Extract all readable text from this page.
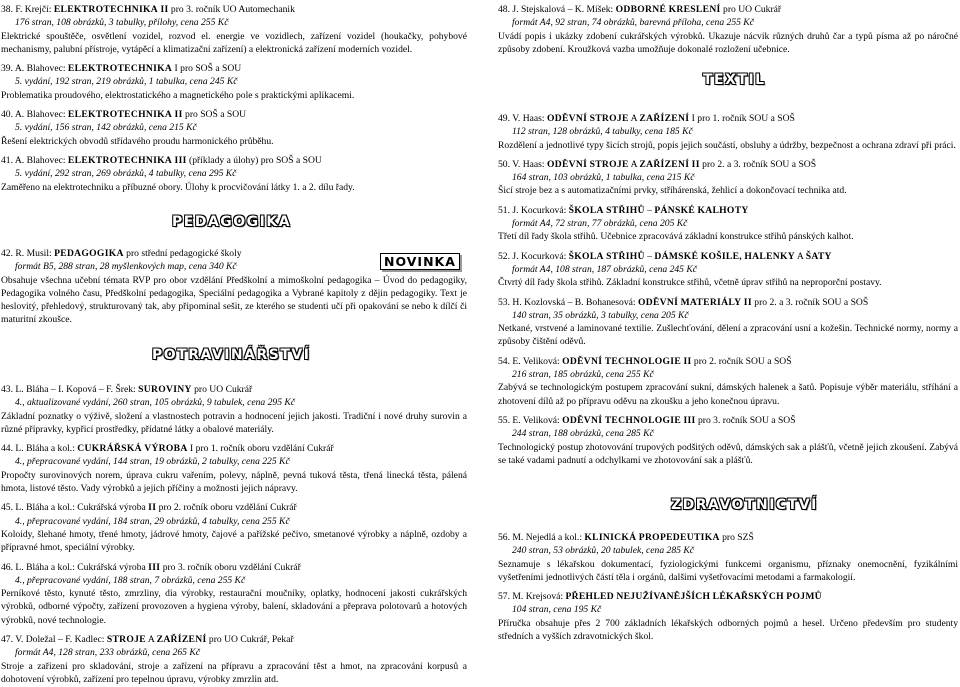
38. F. Krejčí: ELEKTROTECHNIKA II pro 3. ročník UO Automechanik
176 stran, 108 obrázků, 3 tabulky, přílohy, cena 255 Kč
Elektrické spouštěče, osvětlení vozidel, rozvod el. energie ve vozidlech, zařízení vozidel (houkačky, pohybové mechanismy, palubní přístroje, vytápěcí a klimatizační zařízení) a elektronická zařízení moderních vozidel.
39. A. Blahovec: ELEKTROTECHNIKA I pro SOŠ a SOU
5. vydání, 192 stran, 219 obrázků, 1 tabulka, cena 245 Kč
Problematika proudového, elektrostatického a magnetického pole s praktickými aplikacemi.
40. A. Blahovec: ELEKTROTECHNIKA II pro SOŠ a SOU
5. vydání, 156 stran, 142 obrázků, cena 215 Kč
Řešení elektrických obvodů střídavého proudu harmonického průběhu.
41. A. Blahovec: ELEKTROTECHNIKA III (příklady a úlohy) pro SOŠ a SOU
5. vydání, 292 stran, 269 obrázků, 4 tabulky, cena 295 Kč
Zaměřeno na elektrotechniku a příbuzné obory. Úlohy k procvičování látky 1. a 2. dílu řady.
42. R. Musil: PEDAGOGIKA pro střední pedagogické školy
formát B5, 288 stran, 28 myšlenkových map, cena 340 Kč
Obsahuje všechna učební témata RVP pro obor vzdělání Předškolní a mimoškolní pedagogika – Úvod do pedagogiky, Pedagogika volného času, Předškolní pedagogika, Speciální pedagogika a Vybrané kapitoly z dějin pedagogiky. Text je heslovitý, přehledový, strukturovaný tak, aby připomínal sešit, ze kterého se studenti učí při opakování se nebo k dílčí či maturitní zkoušce.
43. L. Bláha – I. Kopová – F. Šrek: SUROVINY pro UO Cukrář
4., aktualizované vydání, 260 stran, 105 obrázků, 9 tabulek, cena 295 Kč
Základní poznatky o výživě, složení a vlastnostech potravin a hodnocení jejich jakosti. Tradiční i nové druhy surovin a různé přípravky, kypřicí prostředky, přídatné látky a obalové materiály.
44. L. Bláha a kol.: CUKRÁŘSKÁ VÝROBA I pro 1. ročník oboru vzdělání Cukrář
4., přepracované vydání, 144 stran, 19 obrázků, 2 tabulky, cena 225 Kč
Propočty surovinových norem, úprava cukru vařením, polevy, náplně, pevná tuková těsta, třená linecká těsta, pálená hmota, listové těsto. Vady výrobků a jejich příčiny a možnosti jejich nápravy.
45. L. Bláha a kol.: Cukrářská výroba II pro 2. ročník oboru vzdělání Cukrář
4., přepracované vydání, 184 stran, 29 obrázků, 4 tabulky, cena 255 Kč
Koloidy, šlehané hmoty, třené hmoty, jádrové hmoty, čajové a pařížské pečivo, smetanové výrobky a náplně, ozdoby a přípravné hmot, speciální výrobky.
46. L. Bláha a kol.: Cukrářská výroba III pro 3. ročník oboru vzdělání Cukrář
4., přepracované vydání, 188 stran, 7 obrázků, cena 255 Kč
Perníkové těsto, kynuté těsto, zmrzliny, dia výrobky, restaurační moučníky, oplatky, hodnocení jakosti cukrářských výrobků, odborné výpočty, zařízení provozoven a hygiena výroby, balení, skladování a přeprava polotovarů a hotových výrobků, nové technologie.
47. V. Doležal – F. Kadlec: STROJE A ZAŘÍZENÍ pro UO Cukrář, Pekař
formát A4, 128 stran, 233 obrázků, cena 265 Kč
Stroje a zařízení pro skladování, stroje a zařízení na přípravu a zpracování těst a hmot, na zpracování korpusů a dohotovení výrobků, zařízení pro tepelnou úpravu, výrobky zmrzlin atd.
48. J. Stejskalová – K. Míšek: ODBORNÉ KRESLENÍ pro UO Cukrář
formát A4, 92 stran, 74 obrázků, barevná příloha, cena 255 Kč
Uvádí popis i ukázky zdobení cukrářských výrobků. Ukazuje nácvik různých druhů čar a typů písma až po náročné způsoby zdobení. Kroužková vazba umožňuje dokonalé rozložení učebnice.
49. V. Haas: ODĚVNÍ STROJE A ZAŘÍZENÍ I pro 1. ročník SOU a SOŠ
112 stran, 128 obrázků, 4 tabulky, cena 185 Kč
Rozdělení a jednotlivé typy šicích strojů, popis jejich součástí, obsluhy a údržby, bezpečnost a ochrana zdraví při práci.
50. V. Haas: ODĚVNÍ STROJE A ZAŘÍZENÍ II pro 2. a 3. ročník SOU a SOŠ
164 stran, 103 obrázků, 1 tabulka, cena 215 Kč
Šicí stroje bez a s automatizačními prvky, stříhárenská, žehlicí a dokončovací technika atd.
51. J. Kocurková: ŠKOLA STŘIHŮ – PÁNSKÉ KALHOTY
formát A4, 72 stran, 77 obrázků, cena 205 Kč
Třetí díl řady škola střihů. Učebnice zpracovává základní konstrukce střihů pánských kalhot.
52. J. Kocurková: ŠKOLA STŘIHŮ – DÁMSKÉ KOŠILE, HALENKY A ŠATY
formát A4, 108 stran, 187 obrázků, cena 245 Kč
Čtvrtý díl řady škola střihů. Základní konstrukce střihů, včetně úprav střihů na neproporční postavy.
53. H. Kozlovská – B. Bohanesová: ODĚVNÍ MATERIÁLY II pro 2. a 3. ročník SOU a SOŠ
140 stran, 35 obrázků, 3 tabulky, cena 205 Kč
Netkané, vrstvené a laminované textilie. Zušlechťování, dělení a zpracování usní a kožešin. Technické normy, normy a způsoby čištění oděvů.
54. E. Veliková: ODĚVNÍ TECHNOLOGIE II pro 2. ročník SOU a SOŠ
216 stran, 185 obrázků, cena 255 Kč
Zabývá se technologickým postupem zpracování sukní, dámských halenek a šatů. Popisuje výběr materiálu, stříhání a zhotovení dílů až po přípravu oděvu na zkoušku a jeho konečnou úpravu.
55. E. Veliková: ODĚVNÍ TECHNOLOGIE III pro 3. ročník SOU a SOŠ
244 stran, 188 obrázků, cena 285 Kč
Technologický postup zhotovování trupových podšitých oděvů, dámských sak a plášťů, včetně jejich zkoušení. Zabývá se také vadami padnutí a odchylkami ve zhotovování sak a plášťů.
56. M. Nejedlá a kol.: KLINICKÁ PROPEDEUTIKA pro SZŠ
240 stran, 53 obrázků, 20 tabulek, cena 285 Kč
Seznamuje s lékařskou dokumentací, fyziologickými funkcemi organismu, příznaky onemocnění, fyzikálními vyšetřeními jednotlivých částí těla i orgánů, dalšími vyšetřovacími metodami a farmakologií.
57. M. Krejsová: PŘEHLED NEJUŽÍVANĚJŠÍCH LÉKAŘSKÝCH POJMŮ
104 stran, cena 195 Kč
Příručka obsahuje přes 2 700 základních lékařských odborných pojmů a hesel. Určeno především pro studenty středních a vyšších zdravotnických škol.
PEDAGOGIKA
NOVINKA
POTRAVINÁŘSTVÍ
TEXTIL
ZDRAVOTNICTVÍ
